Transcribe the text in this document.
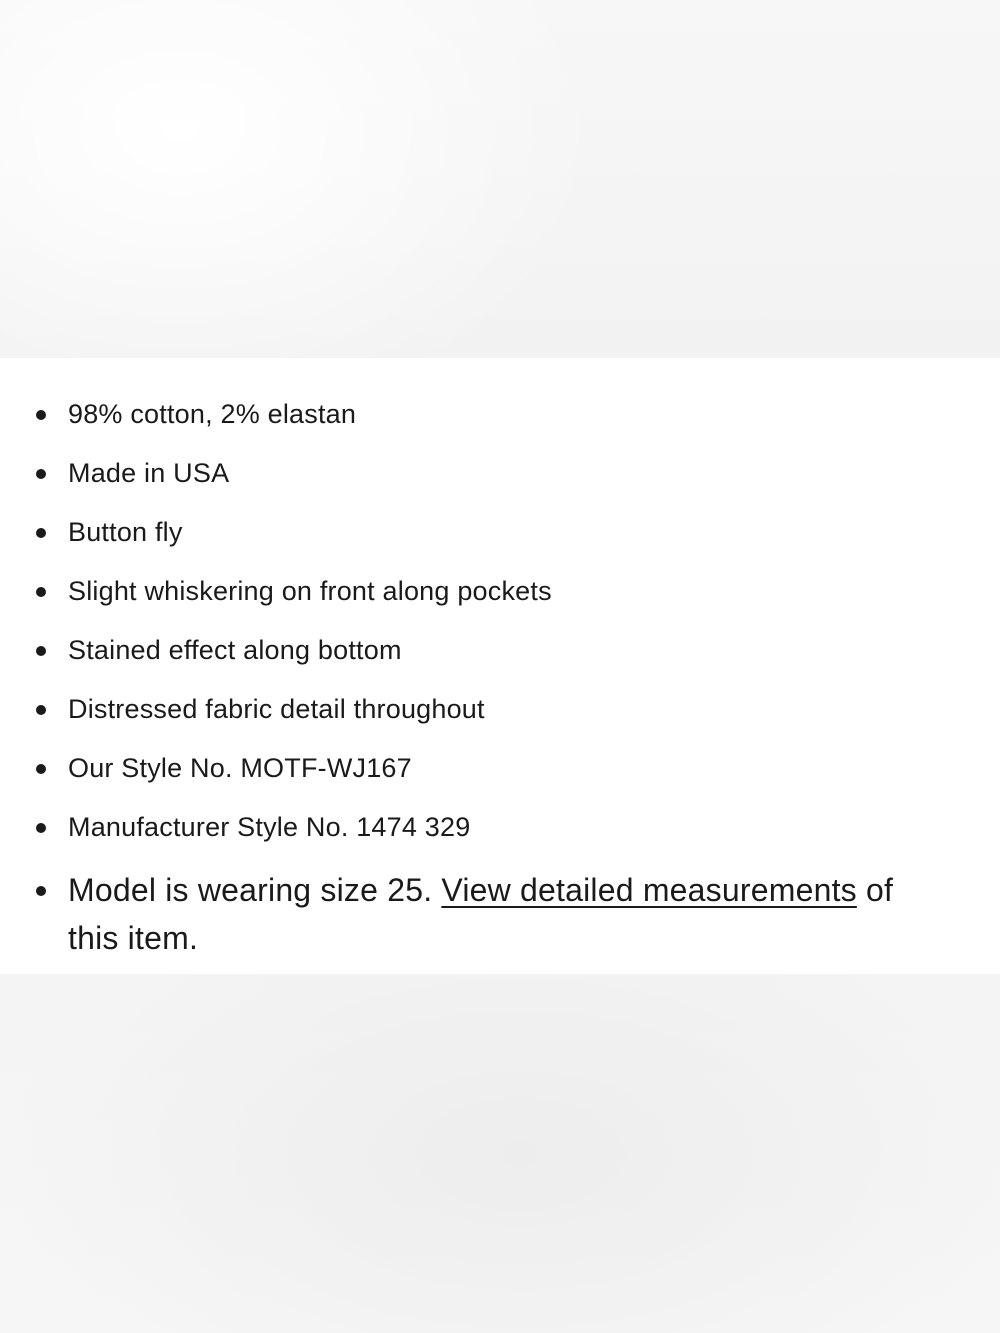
98% cotton, 2% elastan
Made in USA
Button fly
Slight whiskering on front along pockets
Stained effect along bottom
Distressed fabric detail throughout
Our Style No. MOTF-WJ167
Manufacturer Style No. 1474 329
Model is wearing size 25. View detailed measurements of this item.
